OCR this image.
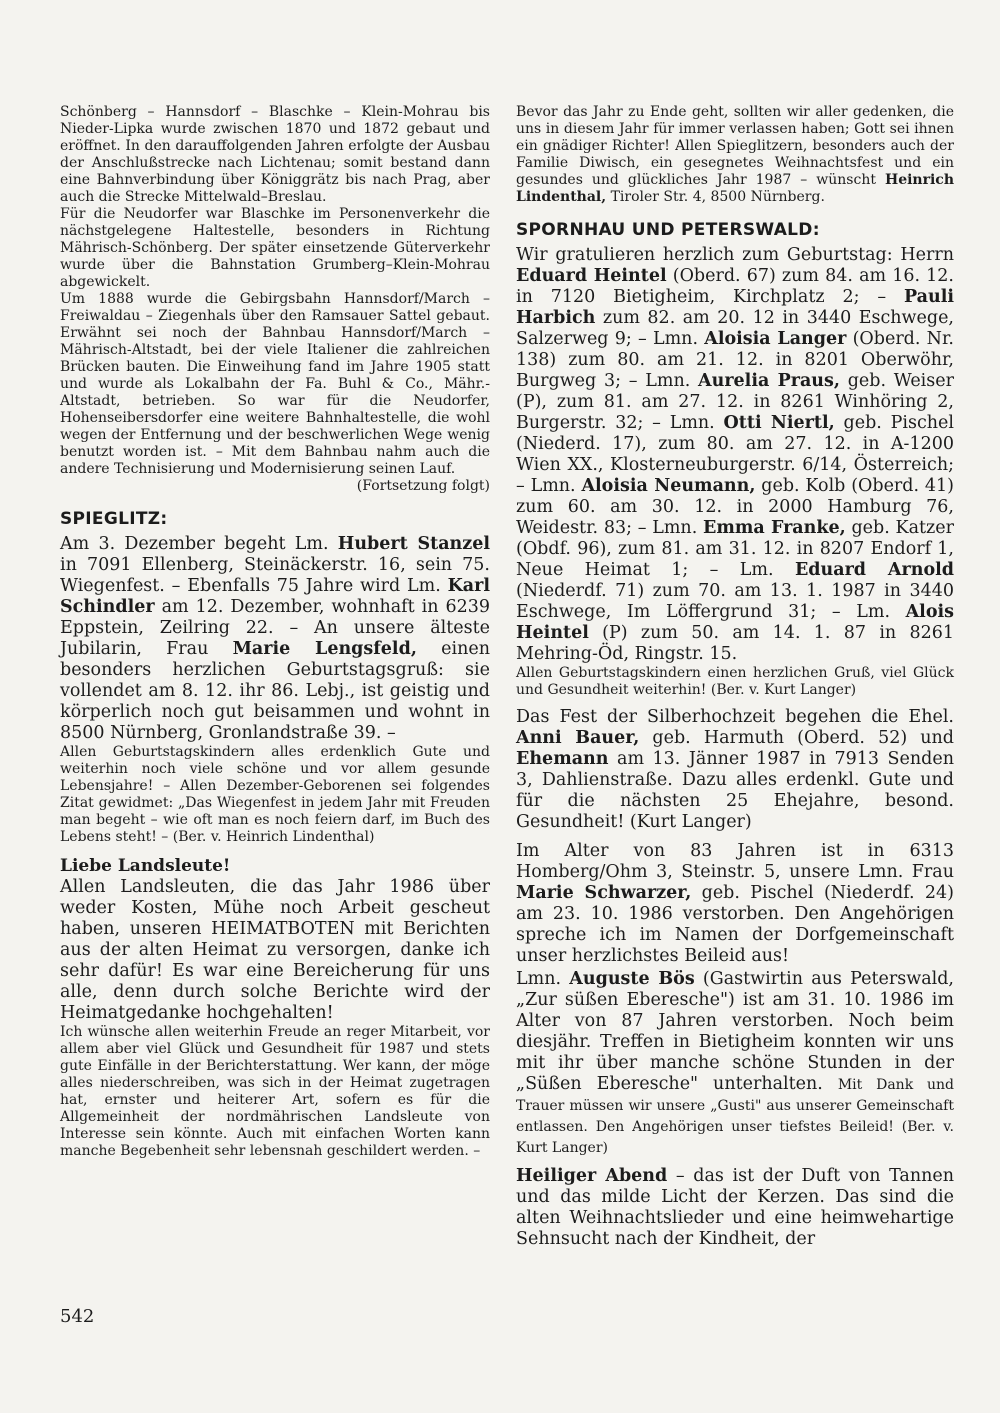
Schönberg – Hannsdorf – Blaschke – Klein-Mohrau bis Nieder-Lipka wurde zwischen 1870 und 1872 gebaut und eröffnet. In den darauffolgenden Jahren erfolgte der Ausbau der Anschlußstrecke nach Lichtenau; somit bestand dann eine Bahnverbindung über Königgrätz bis nach Prag, aber auch die Strecke Mittelwald–Breslau.

Für die Neudorfer war Blaschke im Personenverkehr die nächstgelegene Haltestelle, besonders in Richtung Mährisch-Schönberg. Der später einsetzende Güterverkehr wurde über die Bahnstation Grumberg–Klein-Mohrau abgewickelt.

Um 1888 wurde die Gebirgsbahn Hannsdorf/March – Freiwaldau – Ziegenhals über den Ramsauer Sattel gebaut. Erwähnt sei noch der Bahnbau Hannsdorf/March – Mährisch-Altstadt, bei der viele Italiener die zahlreichen Brücken bauten. Die Einweihung fand im Jahre 1905 statt und wurde als Lokalbahn der Fa. Buhl & Co., Mähr.-Altstadt, betrieben. So war für die Neudorfer, Hohenseibersdorfer eine weitere Bahnhaltestelle, die wohl wegen der Entfernung und der beschwerlichen Wege wenig benutzt worden ist. – Mit dem Bahnbau nahm auch die andere Technisierung und Modernisierung seinen Lauf.

(Fortsetzung folgt)

SPIEGLITZ:

Am 3. Dezember begeht Lm. Hubert Stanzel in 7091 Ellenberg, Steinäckerstr. 16, sein 75. Wiegenfest. – Ebenfalls 75 Jahre wird Lm. Karl Schindler am 12. Dezember, wohnhaft in 6239 Eppstein, Zeilring 22. – An unsere älteste Jubilarin, Frau Marie Lengsfeld, einen besonders herzlichen Geburtstagsgruß: sie vollendet am 8. 12. ihr 86. Lebj., ist geistig und körperlich noch gut beisammen und wohnt in 8500 Nürnberg, Gronlandstraße 39. –

Allen Geburtstagskindern alles erdenklich Gute und weiterhin noch viele schöne und vor allem gesunde Lebensjahre! – Allen Dezember-Geborenen sei folgendes Zitat gewidmet: „Das Wiegenfest in jedem Jahr mit Freuden man begeht – wie oft man es noch feiern darf, im Buch des Lebens steht! – (Ber. v. Heinrich Lindenthal)

Liebe Landsleute!

Allen Landsleuten, die das Jahr 1986 über weder Kosten, Mühe noch Arbeit gescheut haben, unseren HEIMATBOTEN mit Berichten aus der alten Heimat zu versorgen, danke ich sehr dafür! Es war eine Bereicherung für uns alle, denn durch solche Berichte wird der Heimatgedanke hochgehalten!

Ich wünsche allen weiterhin Freude an reger Mitarbeit, vor allem aber viel Glück und Gesundheit für 1987 und stets gute Einfälle in der Berichterstattung. Wer kann, der möge alles niederschreiben, was sich in der Heimat zugetragen hat, ernster und heiterer Art, sofern es für die Allgemeinheit der nordmährischen Landsleute von Interesse sein könnte. Auch mit einfachen Worten kann manche Begebenheit sehr lebensnah geschildert werden. –

Bevor das Jahr zu Ende geht, sollten wir aller gedenken, die uns in diesem Jahr für immer verlassen haben; Gott sei ihnen ein gnädiger Richter! Allen Spieglitzern, besonders auch der Familie Diwisch, ein gesegnetes Weihnachtsfest und ein gesundes und glückliches Jahr 1987 – wünscht Heinrich Lindenthal, Tiroler Str. 4, 8500 Nürnberg.

SPORNHAU UND PETERSWALD:

Wir gratulieren herzlich zum Geburtstag: Herrn Eduard Heintel (Oberd. 67) zum 84. am 16. 12. in 7120 Bietigheim, Kirchplatz 2; – Pauli Harbich zum 82. am 20. 12 in 3440 Eschwege, Salzerweg 9; – Lmn. Aloisia Langer (Oberd. Nr. 138) zum 80. am 21. 12. in 8201 Oberwöhr, Burgweg 3; – Lmn. Aurelia Praus, geb. Weiser (P), zum 81. am 27. 12. in 8261 Winhöring 2, Burgerstr. 32; – Lmn. Otti Niertl, geb. Pischel (Niederd. 17), zum 80. am 27. 12. in A-1200 Wien XX., Klosterneuburgerstr. 6/14, Österreich; – Lmn. Aloisia Neumann, geb. Kolb (Oberd. 41) zum 60. am 30. 12. in 2000 Hamburg 76, Weidestr. 83; – Lmn. Emma Franke, geb. Katzer (Obdf. 96), zum 81. am 31. 12. in 8207 Endorf 1, Neue Heimat 1; – Lm. Eduard Arnold (Niederdf. 71) zum 70. am 13. 1. 1987 in 3440 Eschwege, Im Löffergrund 31; – Lm. Alois Heintel (P) zum 50. am 14. 1. 87 in 8261 Mehring-Öd, Ringstr. 15.

Allen Geburtstagskindern einen herzlichen Gruß, viel Glück und Gesundheit weiterhin! (Ber. v. Kurt Langer)

Das Fest der Silberhochzeit begehen die Ehel. Anni Bauer, geb. Harmuth (Oberd. 52) und Ehemann am 13. Jänner 1987 in 7913 Senden 3, Dahlienstraße. Dazu alles erdenkl. Gute und für die nächsten 25 Ehejahre, besond. Gesundheit! (Kurt Langer)

Im Alter von 83 Jahren ist in 6313 Homberg/Ohm 3, Steinstr. 5, unsere Lmn. Frau Marie Schwarzer, geb. Pischel (Niederdf. 24) am 23. 10. 1986 verstorben. Den Angehörigen spreche ich im Namen der Dorfgemeinschaft unser herzlichstes Beileid aus!

Lmn. Auguste Bös (Gastwirtin aus Peterswald, „Zur süßen Eberesche") ist am 31. 10. 1986 im Alter von 87 Jahren verstorben. Noch beim diesjähr. Treffen in Bietigheim konnten wir uns mit ihr über manche schöne Stunden in der „Süßen Eberesche" unterhalten. Mit Dank und Trauer müssen wir unsere „Gusti" aus unserer Gemeinschaft entlassen. Den Angehörigen unser tiefstes Beileid! (Ber. v. Kurt Langer)

Heiliger Abend – das ist der Duft von Tannen und das milde Licht der Kerzen. Das sind die alten Weihnachtslieder und eine heimwehartige Sehnsucht nach der Kindheit, der

542
